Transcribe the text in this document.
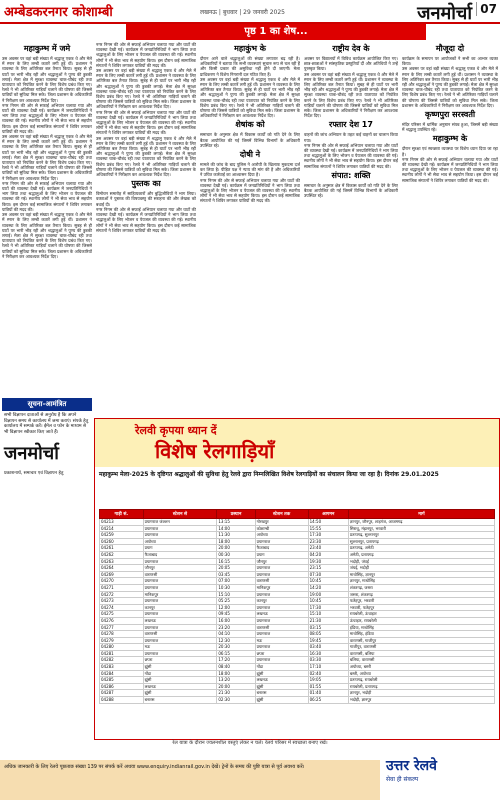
अम्बेडकरनगर कोशाम्बी	लखनऊ | बुधवार | 29 जनवरी 2025	जनमोर्चा 07
पृष्ठ 1 का शेष...
महाकुम्भ में जमे
उस अवसर पर वहां बड़ी संख्या में श्रद्धालु एकत्र थे और मेले में स्नान के लिए लम्बी कतारें लगी हुई थीं। प्रशासन ने व्यवस्था के लिए अतिरिक्त बल तैनात किया। सुबह से ही घाटों पर भारी भीड़ रही और श्रद्धालुओं ने पुण्य की डुबकी लगाई। मेला क्षेत्र में सुरक्षा व्यवस्था चाक-चौबंद रही तथा यातायात को नियंत्रित करने के लिए विशेष प्रबंध किए गए। रेलवे ने भी अतिरिक्त गाड़ियाँ चलाने की घोषणा की जिससे यात्रियों को सुविधा मिल सके। जिला प्रशासन के अधिकारियों ने निरीक्षण कर आवश्यक निर्देश दिए।
नगर निगम की ओर से सफाई अभियान चलाया गया और घाटों की व्यवस्था देखी गई। कार्यक्रम में जनप्रतिनिधियों ने भाग लिया तथा श्रद्धालुओं के लिए भोजन व पेयजल की व्यवस्था की गई। स्थानीय लोगों ने भी सेवा भाव से सहयोग किया। इस दौरान कई सामाजिक संगठनों ने शिविर लगाकर यात्रियों की मदद की।
उस अवसर पर वहां बड़ी संख्या में श्रद्धालु एकत्र थे और मेले में स्नान के लिए लम्बी कतारें लगी हुई थीं। प्रशासन ने व्यवस्था के लिए अतिरिक्त बल तैनात किया। सुबह से ही घाटों पर भारी भीड़ रही और श्रद्धालुओं ने पुण्य की डुबकी लगाई। मेला क्षेत्र में सुरक्षा व्यवस्था चाक-चौबंद रही तथा यातायात को नियंत्रित करने के लिए विशेष प्रबंध किए गए। रेलवे ने भी अतिरिक्त गाड़ियाँ चलाने की घोषणा की जिससे यात्रियों को सुविधा मिल सके। जिला प्रशासन के अधिकारियों ने निरीक्षण कर आवश्यक निर्देश दिए।
नगर निगम की ओर से सफाई अभियान चलाया गया और घाटों की व्यवस्था देखी गई। कार्यक्रम में जनप्रतिनिधियों ने भाग लिया तथा श्रद्धालुओं के लिए भोजन व पेयजल की व्यवस्था की गई। स्थानीय लोगों ने भी सेवा भाव से सहयोग किया। इस दौरान कई सामाजिक संगठनों ने शिविर लगाकर यात्रियों की मदद की।
उस अवसर पर वहां बड़ी संख्या में श्रद्धालु एकत्र थे और मेले में स्नान के लिए लम्बी कतारें लगी हुई थीं। प्रशासन ने व्यवस्था के लिए अतिरिक्त बल तैनात किया। सुबह से ही घाटों पर भारी भीड़ रही और श्रद्धालुओं ने पुण्य की डुबकी लगाई। मेला क्षेत्र में सुरक्षा व्यवस्था चाक-चौबंद रही तथा यातायात को नियंत्रित करने के लिए विशेष प्रबंध किए गए। रेलवे ने भी अतिरिक्त गाड़ियाँ चलाने की घोषणा की जिससे यात्रियों को सुविधा मिल सके। जिला प्रशासन के अधिकारियों ने निरीक्षण कर आवश्यक निर्देश दिए।
सूचना-आमंत्रित
सभी विज्ञापन दाताओं से अनुरोध है कि अपने विज्ञापन समय से कार्यालय में जमा कराएं। संपर्क हेतु कार्यालय में सम्पर्क करें। ईमेल व फोन के माध्यम से भी विज्ञापन स्वीकार किए जाते हैं।
जनमोर्चा
प्रकाशनार्थ, समाचार एवं विज्ञापन हेतु
नगर निगम की ओर से सफाई अभियान चलाया गया और घाटों की व्यवस्था देखी गई। कार्यक्रम में जनप्रतिनिधियों ने भाग लिया तथा श्रद्धालुओं के लिए भोजन व पेयजल की व्यवस्था की गई। स्थानीय लोगों ने भी सेवा भाव से सहयोग किया। इस दौरान कई सामाजिक संगठनों ने शिविर लगाकर यात्रियों की मदद की।
उस अवसर पर वहां बड़ी संख्या में श्रद्धालु एकत्र थे और मेले में स्नान के लिए लम्बी कतारें लगी हुई थीं। प्रशासन ने व्यवस्था के लिए अतिरिक्त बल तैनात किया। सुबह से ही घाटों पर भारी भीड़ रही और श्रद्धालुओं ने पुण्य की डुबकी लगाई। मेला क्षेत्र में सुरक्षा व्यवस्था चाक-चौबंद रही तथा यातायात को नियंत्रित करने के लिए विशेष प्रबंध किए गए। रेलवे ने भी अतिरिक्त गाड़ियाँ चलाने की घोषणा की जिससे यात्रियों को सुविधा मिल सके। जिला प्रशासन के अधिकारियों ने निरीक्षण कर आवश्यक निर्देश दिए।
नगर निगम की ओर से सफाई अभियान चलाया गया और घाटों की व्यवस्था देखी गई। कार्यक्रम में जनप्रतिनिधियों ने भाग लिया तथा श्रद्धालुओं के लिए भोजन व पेयजल की व्यवस्था की गई। स्थानीय लोगों ने भी सेवा भाव से सहयोग किया। इस दौरान कई सामाजिक संगठनों ने शिविर लगाकर यात्रियों की मदद की।
उस अवसर पर वहां बड़ी संख्या में श्रद्धालु एकत्र थे और मेले में स्नान के लिए लम्बी कतारें लगी हुई थीं। प्रशासन ने व्यवस्था के लिए अतिरिक्त बल तैनात किया। सुबह से ही घाटों पर भारी भीड़ रही और श्रद्धालुओं ने पुण्य की डुबकी लगाई। मेला क्षेत्र में सुरक्षा व्यवस्था चाक-चौबंद रही तथा यातायात को नियंत्रित करने के लिए विशेष प्रबंध किए गए। रेलवे ने भी अतिरिक्त गाड़ियाँ चलाने की घोषणा की जिससे यात्रियों को सुविधा मिल सके। जिला प्रशासन के अधिकारियों ने निरीक्षण कर आवश्यक निर्देश दिए।
पुस्तक का
विमोचन समारोह में साहित्यकारों और बुद्धिजीवियों ने भाग लिया। वक्ताओं ने पुस्तक की विषयवस्तु की सराहना की और लेखक को बधाई दी।
नगर निगम की ओर से सफाई अभियान चलाया गया और घाटों की व्यवस्था देखी गई। कार्यक्रम में जनप्रतिनिधियों ने भाग लिया तथा श्रद्धालुओं के लिए भोजन व पेयजल की व्यवस्था की गई। स्थानीय लोगों ने भी सेवा भाव से सहयोग किया। इस दौरान कई सामाजिक संगठनों ने शिविर लगाकर यात्रियों की मदद की।
महाकुंभ के
दौरान आने वाले श्रद्धालुओं की संख्या लगातार बढ़ रही है। अधिकारियों ने बताया कि सभी व्यवस्थाएं सुचारु रूप से चल रही हैं और किसी प्रकार की असुविधा नहीं होने दी जाएगी। मेला प्राधिकरण ने विशेष निगरानी दल गठित किए हैं।
उस अवसर पर वहां बड़ी संख्या में श्रद्धालु एकत्र थे और मेले में स्नान के लिए लम्बी कतारें लगी हुई थीं। प्रशासन ने व्यवस्था के लिए अतिरिक्त बल तैनात किया। सुबह से ही घाटों पर भारी भीड़ रही और श्रद्धालुओं ने पुण्य की डुबकी लगाई। मेला क्षेत्र में सुरक्षा व्यवस्था चाक-चौबंद रही तथा यातायात को नियंत्रित करने के लिए विशेष प्रबंध किए गए। रेलवे ने भी अतिरिक्त गाड़ियाँ चलाने की घोषणा की जिससे यात्रियों को सुविधा मिल सके। जिला प्रशासन के अधिकारियों ने निरीक्षण कर आवश्यक निर्देश दिए।
शेषांक को
समाचार के अनुसार क्षेत्र में विकास कार्यों को गति देने के लिए बैठक आयोजित की गई जिसमें विभिन्न विभागों के अधिकारी उपस्थित रहे।
दोषी ने
मामले की जांच के बाद पुलिस ने आरोपी के खिलाफ मुकदमा दर्ज कर लिया है। पीड़ित पक्ष ने न्याय की मांग की है और अधिकारियों ने उचित कार्रवाई का आश्वासन दिया है।
नगर निगम की ओर से सफाई अभियान चलाया गया और घाटों की व्यवस्था देखी गई। कार्यक्रम में जनप्रतिनिधियों ने भाग लिया तथा श्रद्धालुओं के लिए भोजन व पेयजल की व्यवस्था की गई। स्थानीय लोगों ने भी सेवा भाव से सहयोग किया। इस दौरान कई सामाजिक संगठनों ने शिविर लगाकर यात्रियों की मदद की।
राष्ट्रीय देव के
अवसर पर विद्यालयों में विविध कार्यक्रम आयोजित किए गए। छात्र-छात्राओं ने सांस्कृतिक प्रस्तुतियाँ दीं और अतिथियों ने उन्हें पुरस्कृत किया।
उस अवसर पर वहां बड़ी संख्या में श्रद्धालु एकत्र थे और मेले में स्नान के लिए लम्बी कतारें लगी हुई थीं। प्रशासन ने व्यवस्था के लिए अतिरिक्त बल तैनात किया। सुबह से ही घाटों पर भारी भीड़ रही और श्रद्धालुओं ने पुण्य की डुबकी लगाई। मेला क्षेत्र में सुरक्षा व्यवस्था चाक-चौबंद रही तथा यातायात को नियंत्रित करने के लिए विशेष प्रबंध किए गए। रेलवे ने भी अतिरिक्त गाड़ियाँ चलाने की घोषणा की जिससे यात्रियों को सुविधा मिल सके। जिला प्रशासन के अधिकारियों ने निरीक्षण कर आवश्यक निर्देश दिए।
रफ्तार देश 17
वाहनों की जांच अभियान के तहत कई वाहनों का चालान किया गया।
नगर निगम की ओर से सफाई अभियान चलाया गया और घाटों की व्यवस्था देखी गई। कार्यक्रम में जनप्रतिनिधियों ने भाग लिया तथा श्रद्धालुओं के लिए भोजन व पेयजल की व्यवस्था की गई। स्थानीय लोगों ने भी सेवा भाव से सहयोग किया। इस दौरान कई सामाजिक संगठनों ने शिविर लगाकर यात्रियों की मदद की।
संपात: शक्ति
समाचार के अनुसार क्षेत्र में विकास कार्यों को गति देने के लिए बैठक आयोजित की गई जिसमें विभिन्न विभागों के अधिकारी उपस्थित रहे।
मौजूदा दो
कार्यक्रम के समापन पर आयोजकों ने सभी का आभार व्यक्त किया।
उस अवसर पर वहां बड़ी संख्या में श्रद्धालु एकत्र थे और मेले में स्नान के लिए लम्बी कतारें लगी हुई थीं। प्रशासन ने व्यवस्था के लिए अतिरिक्त बल तैनात किया। सुबह से ही घाटों पर भारी भीड़ रही और श्रद्धालुओं ने पुण्य की डुबकी लगाई। मेला क्षेत्र में सुरक्षा व्यवस्था चाक-चौबंद रही तथा यातायात को नियंत्रित करने के लिए विशेष प्रबंध किए गए। रेलवे ने भी अतिरिक्त गाड़ियाँ चलाने की घोषणा की जिससे यात्रियों को सुविधा मिल सके। जिला प्रशासन के अधिकारियों ने निरीक्षण कर आवश्यक निर्देश दिए।
कृष्णपुरा सरस्वती
मंदिर परिसर में धार्मिक अनुष्ठान संपन्न हुआ, जिसमें बड़ी संख्या में श्रद्धालु उपस्थित रहे।
महाकुम्भ के
दौरान सुरक्षा एवं स्वच्छता व्यवस्था पर विशेष ध्यान दिया जा रहा है।
नगर निगम की ओर से सफाई अभियान चलाया गया और घाटों की व्यवस्था देखी गई। कार्यक्रम में जनप्रतिनिधियों ने भाग लिया तथा श्रद्धालुओं के लिए भोजन व पेयजल की व्यवस्था की गई। स्थानीय लोगों ने भी सेवा भाव से सहयोग किया। इस दौरान कई सामाजिक संगठनों ने शिविर लगाकर यात्रियों की मदद की।
रेलवी कृपया ध्यान दें
विशेष रेलगाड़ियाँ
महाकुम्भ मेला-2025 के दृष्टिगत श्रद्धालुओं की सुविधा हेतु रेलवे द्वारा निम्नलिखित विशेष रेलगाड़ियों का संचालन किया जा रहा है। दिनांक 29.01.2025
गाड़ी सं.	स्टेशन से	प्रस्थान	स्टेशन तक	आगमन	मार्ग
04213	प्रयागराज जंक्शन	13:15	गोरखपुर	14:50	ज्ञानपुर, जौनपुर, शाहगंज, आजमगढ़
04214	प्रयागराज	14:00	कोशाम्बी	15:55	सिराथू, मंझनपुर, भरवारी
04259	प्रयागराज	11:30	अयोध्या	17:30	प्रतापगढ़, सुल्तानपुर
04260	अयोध्या	18:00	प्रयागराज	23:30	सुल्तानपुर, प्रतापगढ़
04261	प्रयाग	20:00	फैजाबाद	23:40	प्रतापगढ़, अमेठी
04262	फैजाबाद	00:30	प्रयाग	04:20	अमेठी, प्रतापगढ़
04263	प्रयागराज	16:15	जौनपुर	19:30	भदोही, जंघई
04264	जौनपुर	20:05	प्रयागराज	23:15	जंघई, भदोही
04269	वाराणसी	03:45	प्रयागराज	07:30	माधोसिंह, ज्ञानपुर
04270	प्रयागराज	07:00	वाराणसी	10:45	ज्ञानपुर, माधोसिंह
04271	प्रयागराज	10:30	मानिकपुर	14:20	शंकरगढ़, जसरा
04272	मानिकपुर	15:10	प्रयागराज	19:00	जसरा, शंकरगढ़
04273	प्रयागराज	05:25	कानपुर	10:45	फतेहपुर, भरवारी
04274	कानपुर	12:00	प्रयागराज	17:30	भरवारी, फतेहपुर
04275	प्रयागराज	09:45	लखनऊ	15:10	रायबरेली, ऊंचाहार
04276	लखनऊ	16:00	प्रयागराज	21:30	ऊंचाहार, रायबरेली
04277	प्रयागराज	23:20	वाराणसी	03:15	हंडिया, माधोसिंह
04278	वाराणसी	04:10	प्रयागराज	08:05	माधोसिंह, हंडिया
04279	प्रयागराज	12:30	मऊ	19:45	वाराणसी, गाजीपुर
04280	मऊ	20:30	प्रयागराज	03:40	गाजीपुर, वाराणसी
04281	प्रयागराज	06:15	छपरा	16:30	वाराणसी, बलिया
04282	छपरा	17:20	प्रयागराज	03:30	बलिया, वाराणसी
04283	झूंसी	08:40	गोंडा	17:10	अयोध्या, बस्ती
04284	गोंडा	18:00	झूंसी	02:40	बस्ती, अयोध्या
04285	झूंसी	13:20	लखनऊ	19:05	प्रतापगढ़, रायबरेली
04286	लखनऊ	20:00	झूंसी	01:55	रायबरेली, प्रतापगढ़
04287	झूंसी	21:30	बनारस	01:40	ज्ञानपुर, भदोही
04288	बनारस	02:30	झूंसी	06:25	भदोही, ज्ञानपुर
रेल यात्रा के दौरान ज्वलनशील वस्तुएं लेकर न चलें। रेलवे परिसर में स्वच्छता बनाए रखें।
अधिक जानकारी के लिए रेलवे पूछताछ संख्या 139 पर संपर्क करें अथवा www.enquiry.indianrail.gov.in देखें। ट्रेनों के समय की पुष्टि यात्रा से पूर्व अवश्य करें।	उत्तर रेलवे
सेवा ही संकल्प
